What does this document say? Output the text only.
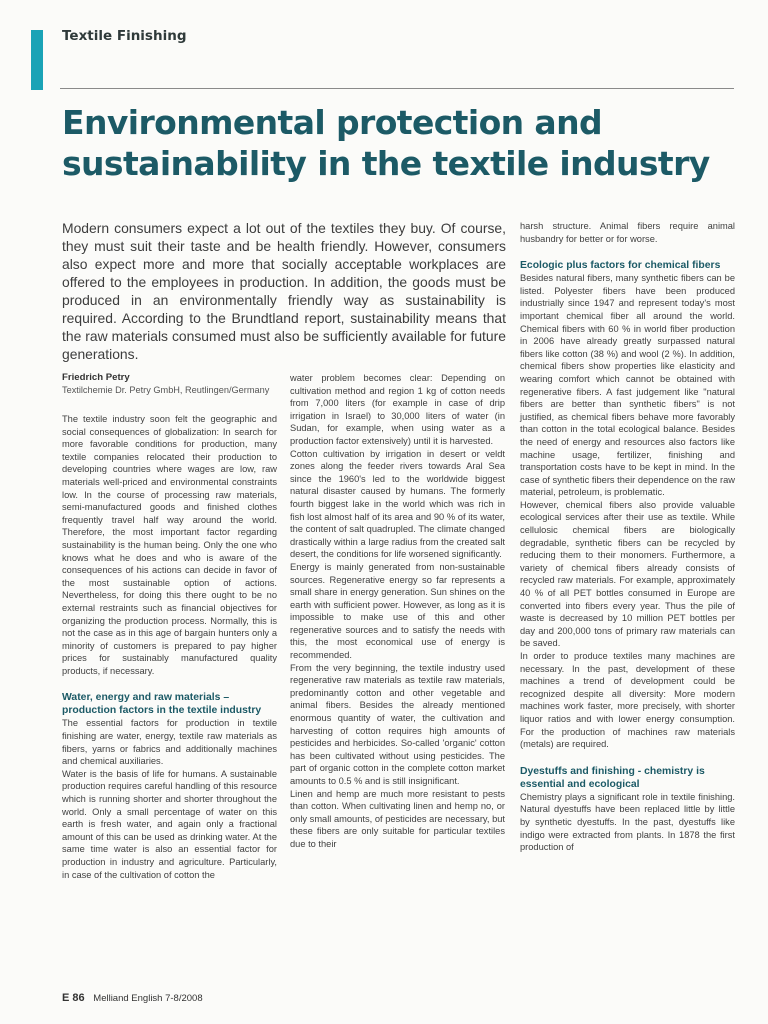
Textile Finishing
Environmental protection and
sustainability in the textile industry

Modern consumers expect a lot out of the textiles they buy. Of course, they must suit their taste and be health friendly. However, consumers also expect more and more that socially acceptable workplaces are offered to the employees in production. In addition, the goods must be produced in an environmentally friendly way as sustainability is required. According to the Brundtland report, sustainability means that the raw materials consumed must also be sufficiently available for future generations.

Friedrich Petry
Textilchemie Dr. Petry GmbH, Reutlingen/Germany

The textile industry soon felt the geographic and social consequences of globalization: In search for more favorable conditions for production, many textile companies relocated their production to developing countries where wages are low, raw materials well-priced and environmental constraints low. In the course of processing raw materials, semi-manufactured goods and finished clothes frequently travel half way around the world. Therefore, the most important factor regarding sustainability is the human being. Only the one who knows what he does and who is aware of the consequences of his actions can decide in favor of the most sustainable option of actions. Nevertheless, for doing this there ought to be no external restraints such as financial objectives for organizing the production process. Normally, this is not the case as in this age of bargain hunters only a minority of customers is prepared to pay higher prices for sustainably manufactured quality products, if necessary.

Water, energy and raw materials – production factors in the textile industry

The essential factors for production in textile finishing are water, energy, textile raw materials as fibers, yarns or fabrics and additionally machines and chemical auxiliaries.

Water is the basis of life for humans. A sustainable production requires careful handling of this resource which is running shorter and shorter throughout the world. Only a small percentage of water on this earth is fresh water, and again only a fractional amount of this can be used as drinking water. At the same time water is also an essential factor for production in industry and agriculture. Particularly, in case of the cultivation of cotton the

water problem becomes clear: Depending on cultivation method and region 1 kg of cotton needs from 7,000 liters (for example in case of drip irrigation in Israel) to 30,000 liters of water (in Sudan, for example, when using water as a production factor extensively) until it is harvested.

Cotton cultivation by irrigation in desert or veldt zones along the feeder rivers towards Aral Sea since the 1960's led to the worldwide biggest natural disaster caused by humans. The formerly fourth biggest lake in the world which was rich in fish lost almost half of its area and 90 % of its water, the content of salt quadrupled. The climate changed drastically within a large radius from the created salt desert, the conditions for life worsened significantly.

Energy is mainly generated from non-sustainable sources. Regenerative energy so far represents a small share in energy generation. Sun shines on the earth with sufficient power. However, as long as it is impossible to make use of this and other regenerative sources and to satisfy the needs with this, the most economical use of energy is recommended.

From the very beginning, the textile industry used regenerative raw materials as textile raw materials, predominantly cotton and other vegetable and animal fibers. Besides the already mentioned enormous quantity of water, the cultivation and harvesting of cotton requires high amounts of pesticides and herbicides. So-called 'organic' cotton has been cultivated without using pesticides. The part of organic cotton in the complete cotton market amounts to 0.5 % and is still insignificant.

Linen and hemp are much more resistant to pests than cotton. When cultivating linen and hemp no, or only small amounts, of pesticides are necessary, but these fibers are only suitable for particular textiles due to their

harsh structure. Animal fibers require animal husbandry for better or for worse.

Ecologic plus factors for chemical fibers

Besides natural fibers, many synthetic fibers can be listed. Polyester fibers have been produced industrially since 1947 and represent today's most important chemical fiber all around the world. Chemical fibers with 60 % in world fiber production in 2006 have already greatly surpassed natural fibers like cotton (38 %) and wool (2 %). In addition, chemical fibers show properties like elasticity and wearing comfort which cannot be obtained with regenerative fibers. A fast judgement like "natural fibers are better than synthetic fibers" is not justified, as chemical fibers behave more favorably than cotton in the total ecological balance. Besides the need of energy and resources also factors like machine usage, fertilizer, finishing and transportation costs have to be kept in mind. In the case of synthetic fibers their dependence on the raw material, petroleum, is problematic.

However, chemical fibers also provide valuable ecological services after their use as textile. While cellulosic chemical fibers are biologically degradable, synthetic fibers can be recycled by reducing them to their monomers. Furthermore, a variety of chemical fibers already consists of recycled raw materials. For example, approximately 40 % of all PET bottles consumed in Europe are converted into fibers every year. Thus the pile of waste is decreased by 10 million PET bottles per day and 200,000 tons of primary raw materials can be saved.

In order to produce textiles many machines are necessary. In the past, development of these machines a trend of development could be recognized despite all diversity: More modern machines work faster, more precisely, with shorter liquor ratios and with lower energy consumption. For the production of machines raw materials (metals) are required.

Dyestuffs and finishing - chemistry is essential and ecological

Chemistry plays a significant role in textile finishing. Natural dyestuffs have been replaced little by little by synthetic dyestuffs. In the past, dyestuffs like indigo were extracted from plants. In 1878 the first production of

E 86 Melliand English 7-8/2008
